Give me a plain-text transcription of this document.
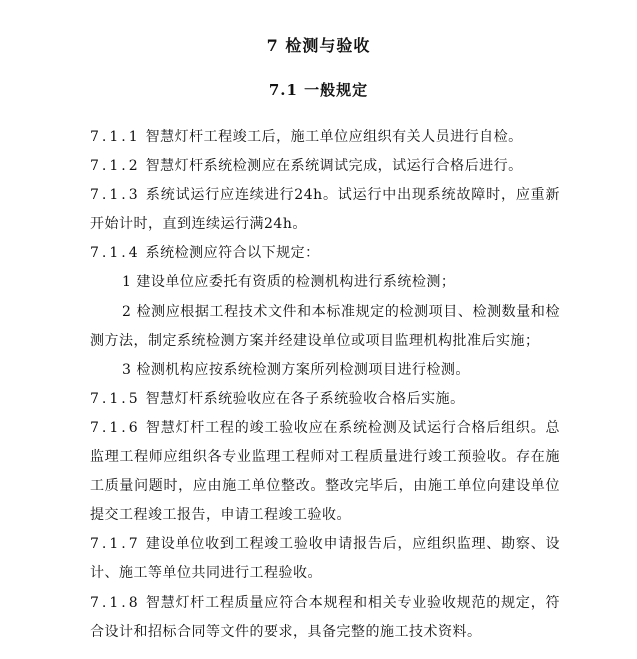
7 检测与验收
7.1 一般规定

7.1.1 智慧灯杆工程竣工后，施工单位应组织有关人员进行自检。

7.1.2 智慧灯杆系统检测应在系统调试完成，试运行合格后进行。

7.1.3 系统试运行应连续进行24h。试运行中出现系统故障时，应重新开始计时，直到连续运行满24h。

7.1.4 系统检测应符合以下规定：

1 建设单位应委托有资质的检测机构进行系统检测；

2 检测应根据工程技术文件和本标准规定的检测项目、检测数量和检测方法，制定系统检测方案并经建设单位或项目监理机构批准后实施；

3 检测机构应按系统检测方案所列检测项目进行检测。

7.1.5 智慧灯杆系统验收应在各子系统验收合格后实施。

7.1.6 智慧灯杆工程的竣工验收应在系统检测及试运行合格后组织。总监理工程师应组织各专业监理工程师对工程质量进行竣工预验收。存在施工质量问题时，应由施工单位整改。整改完毕后，由施工单位向建设单位提交工程竣工报告，申请工程竣工验收。

7.1.7 建设单位收到工程竣工验收申请报告后，应组织监理、勘察、设计、施工等单位共同进行工程验收。

7.1.8 智慧灯杆工程质量应符合本规程和相关专业验收规范的规定，符合设计和招标合同等文件的要求，具备完整的施工技术资料。
